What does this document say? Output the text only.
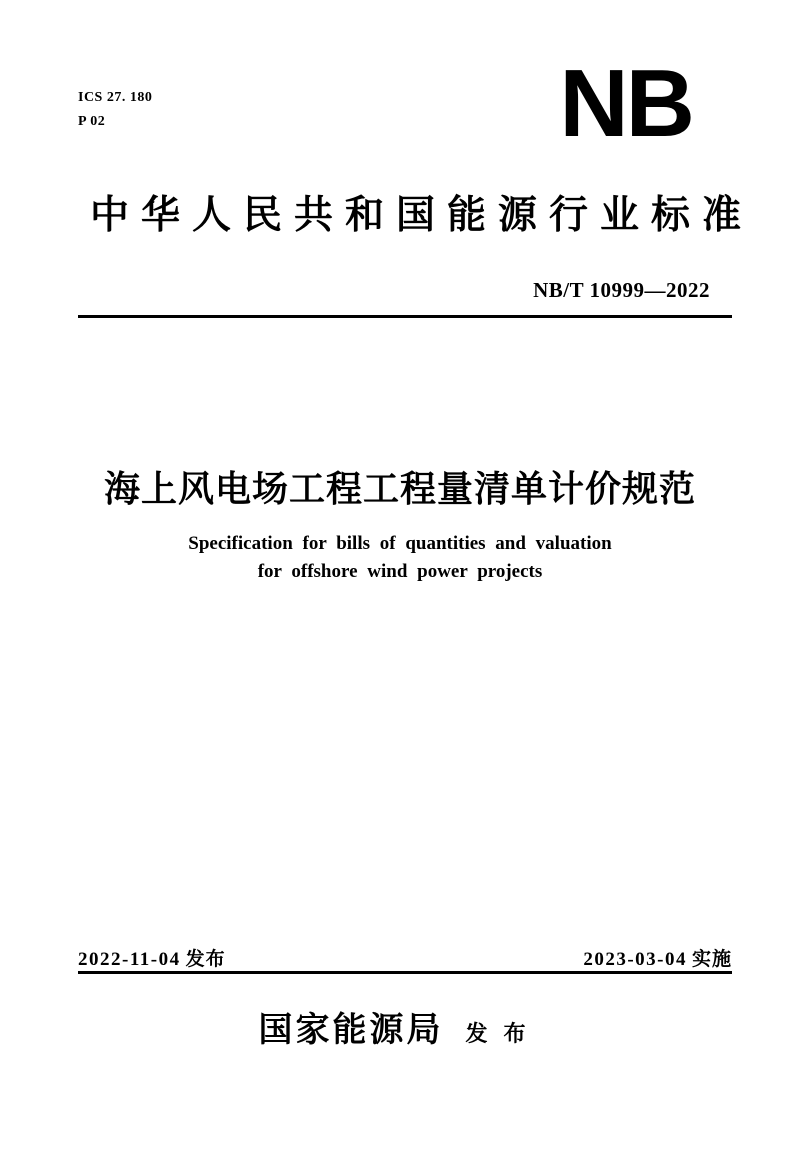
ICS 27. 180
P 02	NB
中华人民共和国能源行业标准
NB/T 10999—2022
海上风电场工程工程量清单计价规范
Specification for bills of quantities and valuation
for offshore wind power projects
2022-11-04 发布	2023-03-04 实施
国家能源局 发布
